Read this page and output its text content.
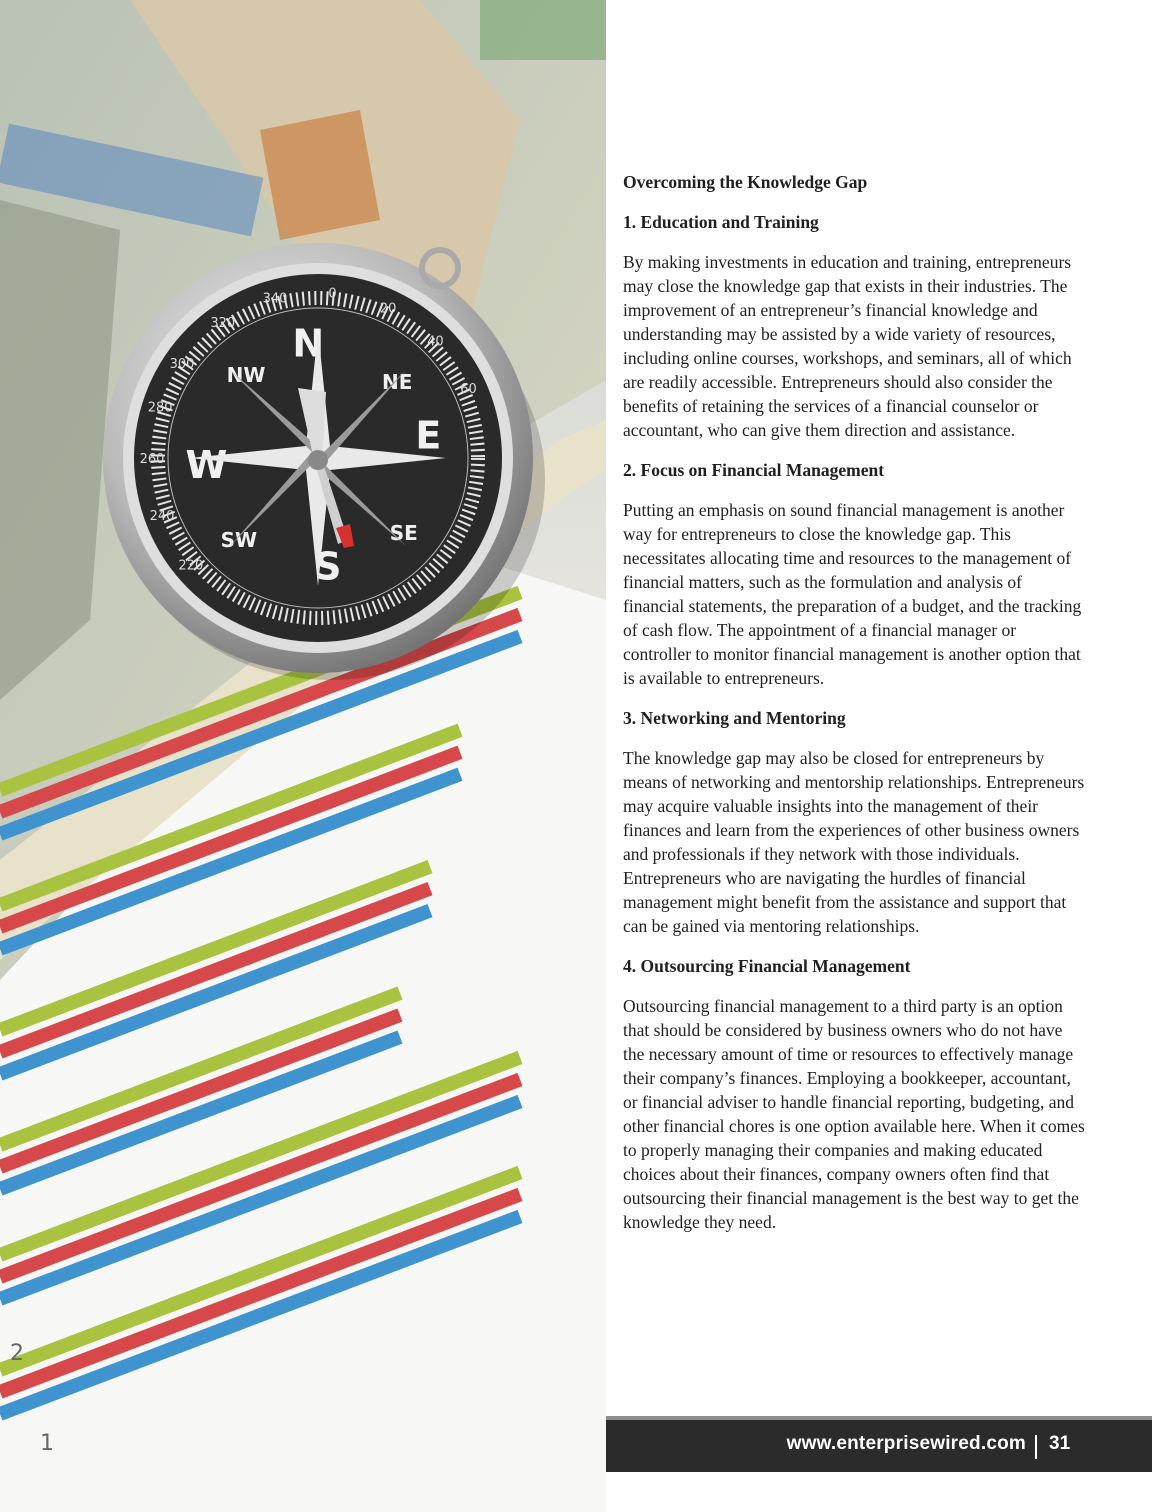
2
1
NW
N
NE
E
SE
S
SW
W
300
320
340	0
20
40
60
240
220
260
280
Overcoming the Knowledge Gap
1. Education and Training

By making investments in education and training, entrepreneurs may close the knowledge gap that exists in their industries. The improvement of an entrepreneur’s financial knowledge and understanding may be assisted by a wide variety of resources, including online courses, workshops, and seminars, all of which are readily accessible. Entrepreneurs should also consider the benefits of retaining the services of a financial counselor or accountant, who can give them direction and assistance.

2. Focus on Financial Management

Putting an emphasis on sound financial management is another way for entrepreneurs to close the knowledge gap. This necessitates allocating time and resources to the management of financial matters, such as the formulation and analysis of financial statements, the preparation of a budget, and the tracking of cash flow. The appointment of a financial manager or controller to monitor financial management is another option that is available to entrepreneurs.

3. Networking and Mentoring

The knowledge gap may also be closed for entrepreneurs by means of networking and mentorship relationships. Entrepreneurs may acquire valuable insights into the management of their finances and learn from the experiences of other business owners and professionals if they network with those individuals. Entrepreneurs who are navigating the hurdles of financial management might benefit from the assistance and support that can be gained via mentoring relationships.

4. Outsourcing Financial Management

Outsourcing financial management to a third party is an option that should be considered by business owners who do not have the necessary amount of time or resources to effectively manage their company’s finances. Employing a bookkeeper, accountant, or financial adviser to handle financial reporting, budgeting, and other financial chores is one option available here. When it comes to properly managing their companies and making educated choices about their finances, company owners often find that outsourcing their financial management is the best way to get the knowledge they need.

www.enterprisewired.com 31
